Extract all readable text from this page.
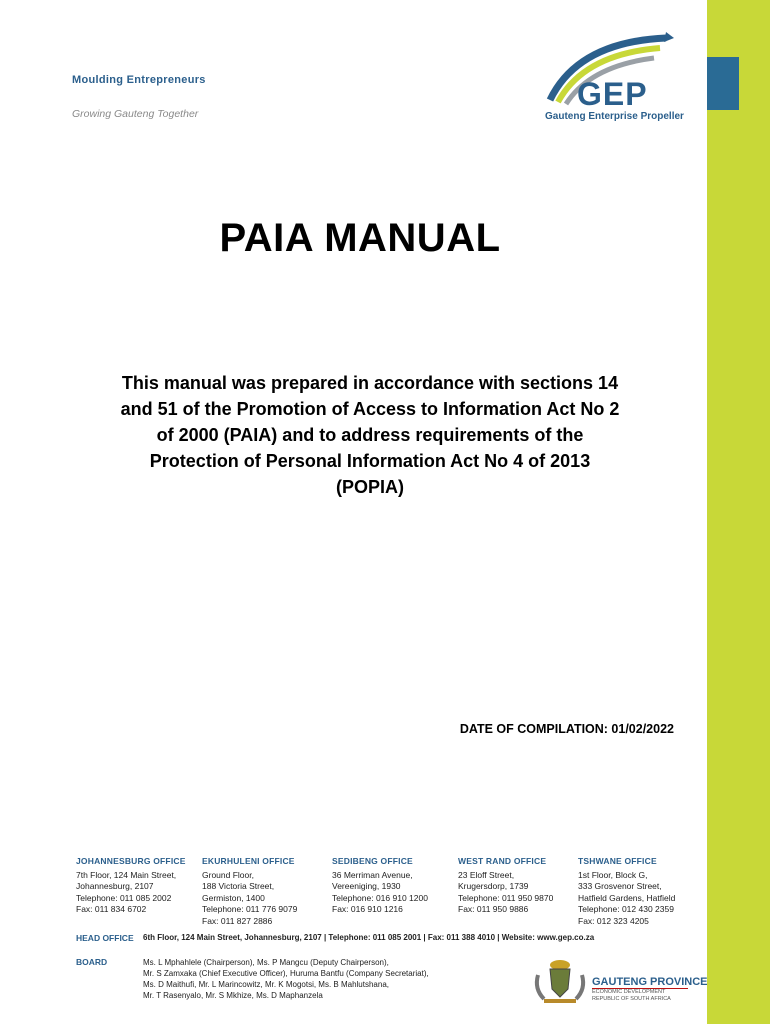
Moulding Entrepreneurs
Growing Gauteng Together
GEP
Gauteng Enterprise Propeller
PAIA MANUAL
This manual was prepared in accordance with sections 14
and 51 of the Promotion of Access to Information Act No 2
of 2000 (PAIA) and to address requirements of the
Protection of Personal Information Act No 4 of 2013
(POPIA)
DATE OF COMPILATION: 01/02/2022
JOHANNESBURG OFFICE
7th Floor, 124 Main Street,
Johannesburg, 2107
Telephone: 011 085 2002
Fax: 011 834 6702
EKURHULENI OFFICE
Ground Floor,
188 Victoria Street,
Germiston, 1400
Telephone: 011 776 9079
Fax: 011 827 2886
SEDIBENG OFFICE
36 Merriman Avenue,
Vereeniging, 1930
Telephone: 016 910 1200
Fax: 016 910 1216
WEST RAND OFFICE
23 Eloff Street,
Krugersdorp, 1739
Telephone: 011 950 9870
Fax: 011 950 9886
TSHWANE OFFICE
1st Floor, Block G,
333 Grosvenor Street,
Hatfield Gardens, Hatfield
Telephone: 012 430 2359
Fax: 012 323 4205
HEAD OFFICE 6th Floor, 124 Main Street, Johannesburg, 2107 | Telephone: 011 085 2001 | Fax: 011 388 4010 | Website: www.gep.co.za
BOARD	Ms. L Mphahlele (Chairperson), Ms. P Mangcu (Deputy Chairperson),
Mr. S Zamxaka (Chief Executive Officer), Huruma Bantfu (Company Secretariat),
Ms. D Maithufi, Mr. L Marincowitz, Mr. K Mogotsi, Ms. B Mahlutshana,
Mr. T Rasenyalo, Mr. S Mkhize, Ms. D Maphanzela
GAUTENG PROVINCE
ECONOMIC DEVELOPMENT
REPUBLIC OF SOUTH AFRICA
